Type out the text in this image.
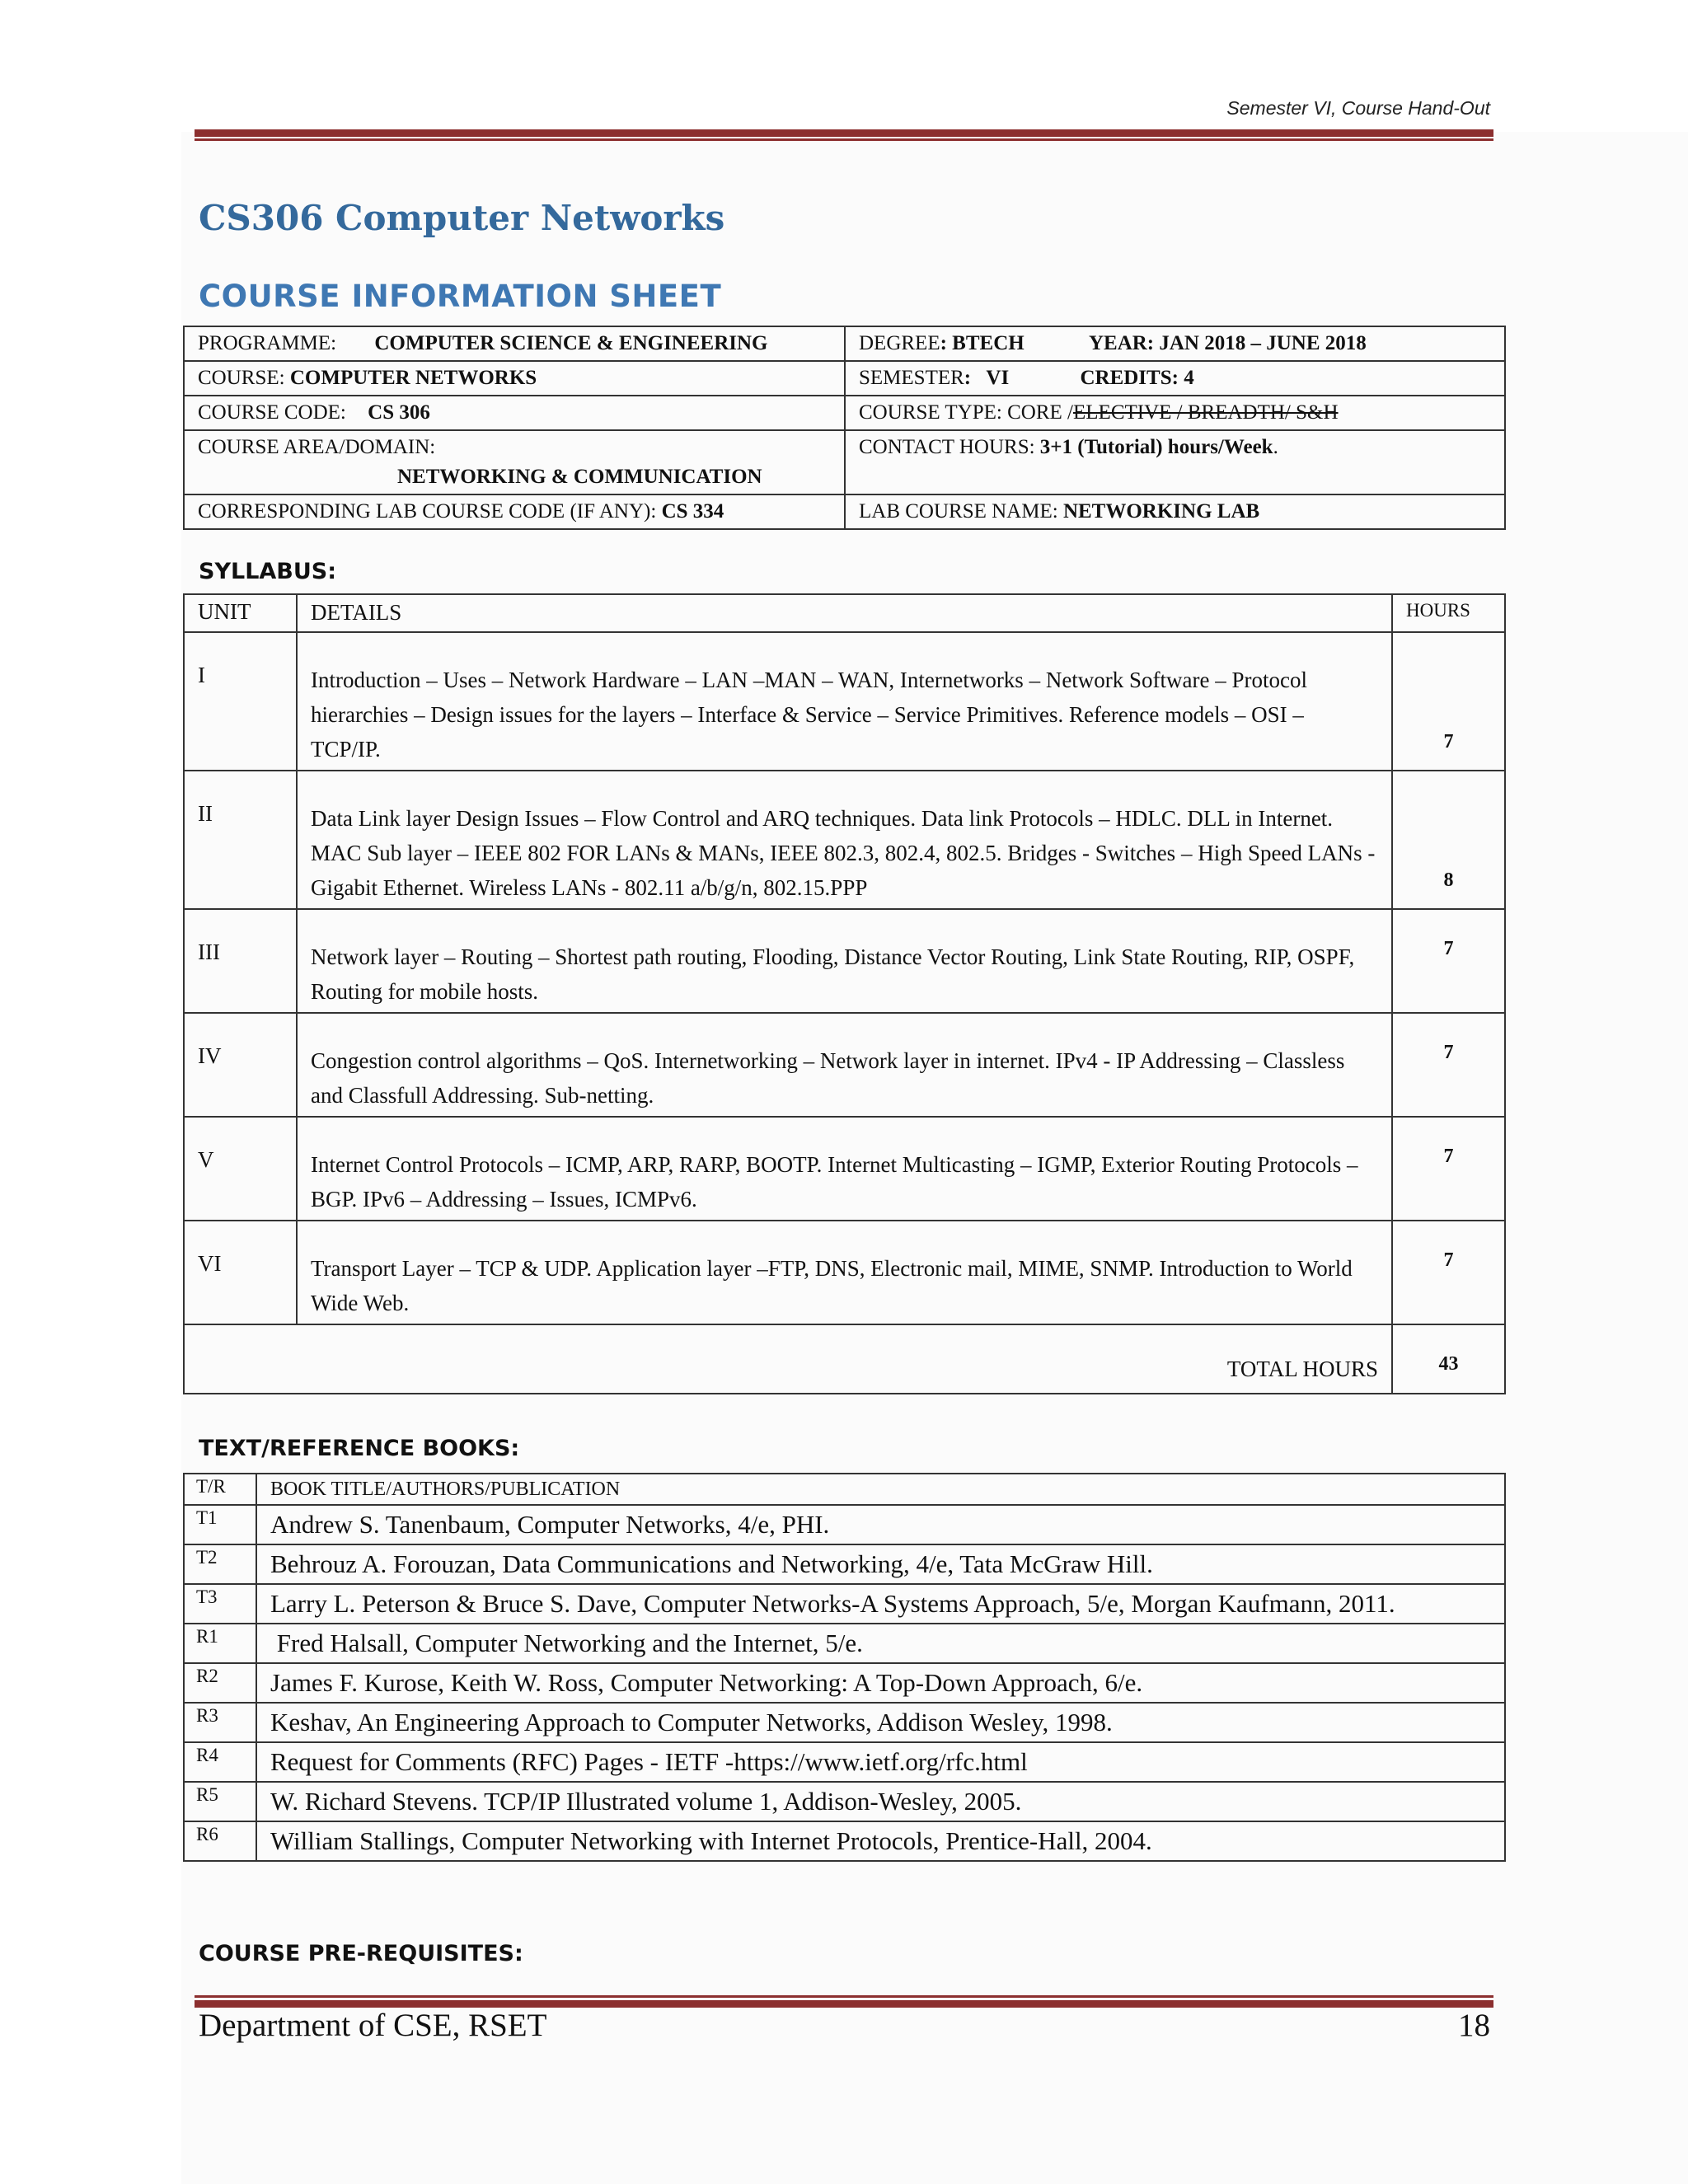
Semester VI, Course Hand-Out
CS306 Computer Networks
COURSE INFORMATION SHEET
PROGRAMME: COMPUTER SCIENCE & ENGINEERING	DEGREE: BTECH YEAR: JAN 2018 – JUNE 2018
COURSE: COMPUTER NETWORKS	SEMESTER:   VI CREDITS: 4
COURSE CODE: CS 306	COURSE TYPE: CORE /ELECTIVE / BREADTH/ S&H

COURSE AREA/DOMAIN:
NETWORKING & COMMUNICATION	CONTACT HOURS: 3+1 (Tutorial) hours/Week.
CORRESPONDING LAB COURSE CODE (IF ANY): CS 334	LAB COURSE NAME: NETWORKING LAB
SYLLABUS:
UNIT	DETAILS	HOURS
I	Introduction – Uses – Network Hardware – LAN –MAN – WAN, Internetworks – Network Software – Protocol hierarchies – Design issues for the layers – Interface & Service – Service Primitives. Reference models – OSI – TCP/IP.	7
II	Data Link layer Design Issues – Flow Control and ARQ techniques. Data link Protocols – HDLC. DLL in Internet. MAC Sub layer – IEEE 802 FOR LANs & MANs, IEEE 802.3, 802.4, 802.5. Bridges - Switches – High Speed LANs - Gigabit Ethernet. Wireless LANs - 802.11 a/b/g/n, 802.15.PPP	8
III	Network layer – Routing – Shortest path routing, Flooding, Distance Vector Routing, Link State Routing, RIP, OSPF, Routing for mobile hosts.	7
IV	Congestion control algorithms – QoS. Internetworking – Network layer in internet. IPv4 - IP Addressing – Classless and Classfull Addressing. Sub-netting.	7
V	Internet Control Protocols – ICMP, ARP, RARP, BOOTP. Internet Multicasting – IGMP, Exterior Routing Protocols – BGP. IPv6 – Addressing – Issues, ICMPv6.	7
VI	Transport Layer – TCP & UDP. Application layer –FTP, DNS, Electronic mail, MIME, SNMP. Introduction to World Wide Web.	7
TOTAL HOURS		43
TEXT/REFERENCE BOOKS:
T/R	BOOK TITLE/AUTHORS/PUBLICATION
T1	Andrew S. Tanenbaum, Computer Networks, 4/e, PHI.
T2	Behrouz A. Forouzan, Data Communications and Networking, 4/e, Tata McGraw Hill.
T3	Larry L. Peterson & Bruce S. Dave, Computer Networks-A Systems Approach, 5/e, Morgan Kaufmann, 2011.
R1	Fred Halsall, Computer Networking and the Internet, 5/e.
R2	James F. Kurose, Keith W. Ross, Computer Networking: A Top-Down Approach, 6/e.
R3	Keshav, An Engineering Approach to Computer Networks, Addison Wesley, 1998.
R4	Request for Comments (RFC) Pages - IETF -https://www.ietf.org/rfc.html
R5	W. Richard Stevens. TCP/IP Illustrated volume 1, Addison-Wesley, 2005.
R6	William Stallings, Computer Networking with Internet Protocols, Prentice-Hall, 2004.
COURSE PRE-REQUISITES:
Department of CSE, RSET	18
